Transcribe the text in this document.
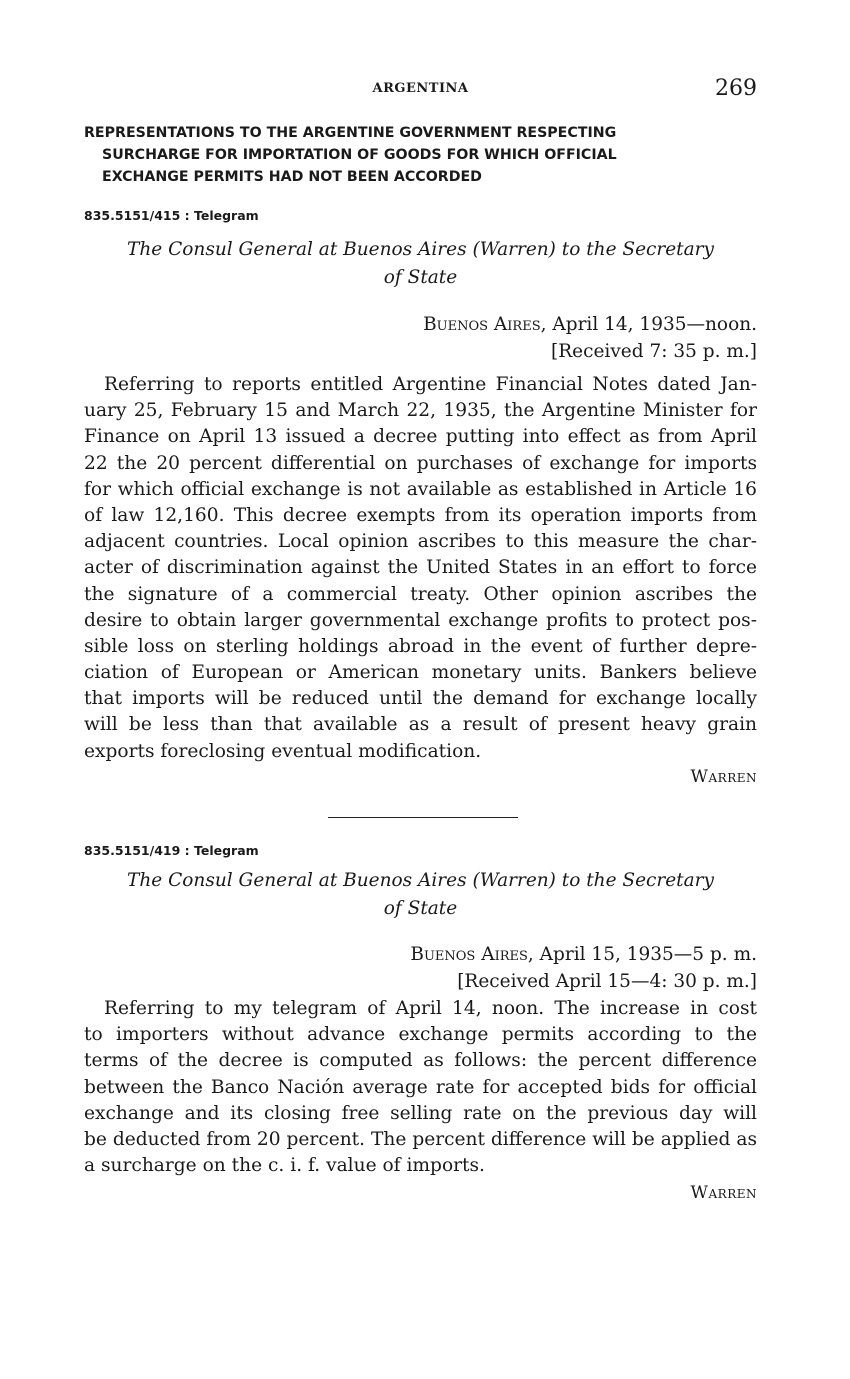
ARGENTINA	269
REPRESENTATIONS TO THE ARGENTINE GOVERNMENT RESPECTING
SURCHARGE FOR IMPORTATION OF GOODS FOR WHICH OFFICIAL
EXCHANGE PERMITS HAD NOT BEEN ACCORDED
835.5151/415 : Telegram
The Consul General at Buenos Aires (Warren) to the Secretary
of State
Buenos Aires, April 14, 1935—noon.
[Received 7: 35 p. m.]
Referring to reports entitled Argentine Financial Notes dated Jan-
uary 25, February 15 and March 22, 1935, the Argentine Minister for
Finance on April 13 issued a decree putting into effect as from April
22 the 20 percent differential on purchases of exchange for imports
for which official exchange is not available as established in Article 16
of law 12,160. This decree exempts from its operation imports from
adjacent countries. Local opinion ascribes to this measure the char-
acter of discrimination against the United States in an effort to force
the signature of a commercial treaty. Other opinion ascribes the
desire to obtain larger governmental exchange profits to protect pos-
sible loss on sterling holdings abroad in the event of further depre-
ciation of European or American monetary units. Bankers believe
that imports will be reduced until the demand for exchange locally
will be less than that available as a result of present heavy grain
exports foreclosing eventual modification.
Warren
835.5151/419 : Telegram
The Consul General at Buenos Aires (Warren) to the Secretary
of State
Buenos Aires, April 15, 1935—5 p. m.
[Received April 15—4: 30 p. m.]
Referring to my telegram of April 14, noon. The increase in cost
to importers without advance exchange permits according to the
terms of the decree is computed as follows: the percent difference
between the Banco Nación average rate for accepted bids for official
exchange and its closing free selling rate on the previous day will
be deducted from 20 percent. The percent difference will be applied as
a surcharge on the c. i. f. value of imports.
Warren
